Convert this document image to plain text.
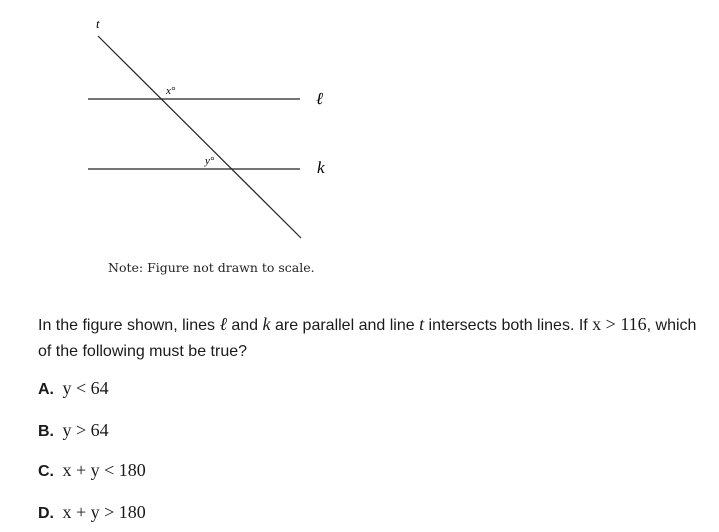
t
ℓ
k
x°
y°
Note: Figure not drawn to scale.
In the figure shown, lines ℓ and k are parallel and line t intersects both lines. If x > 116, which of the following must be true?
A. y < 64
B. y > 64
C. x + y < 180
D. x + y > 180
